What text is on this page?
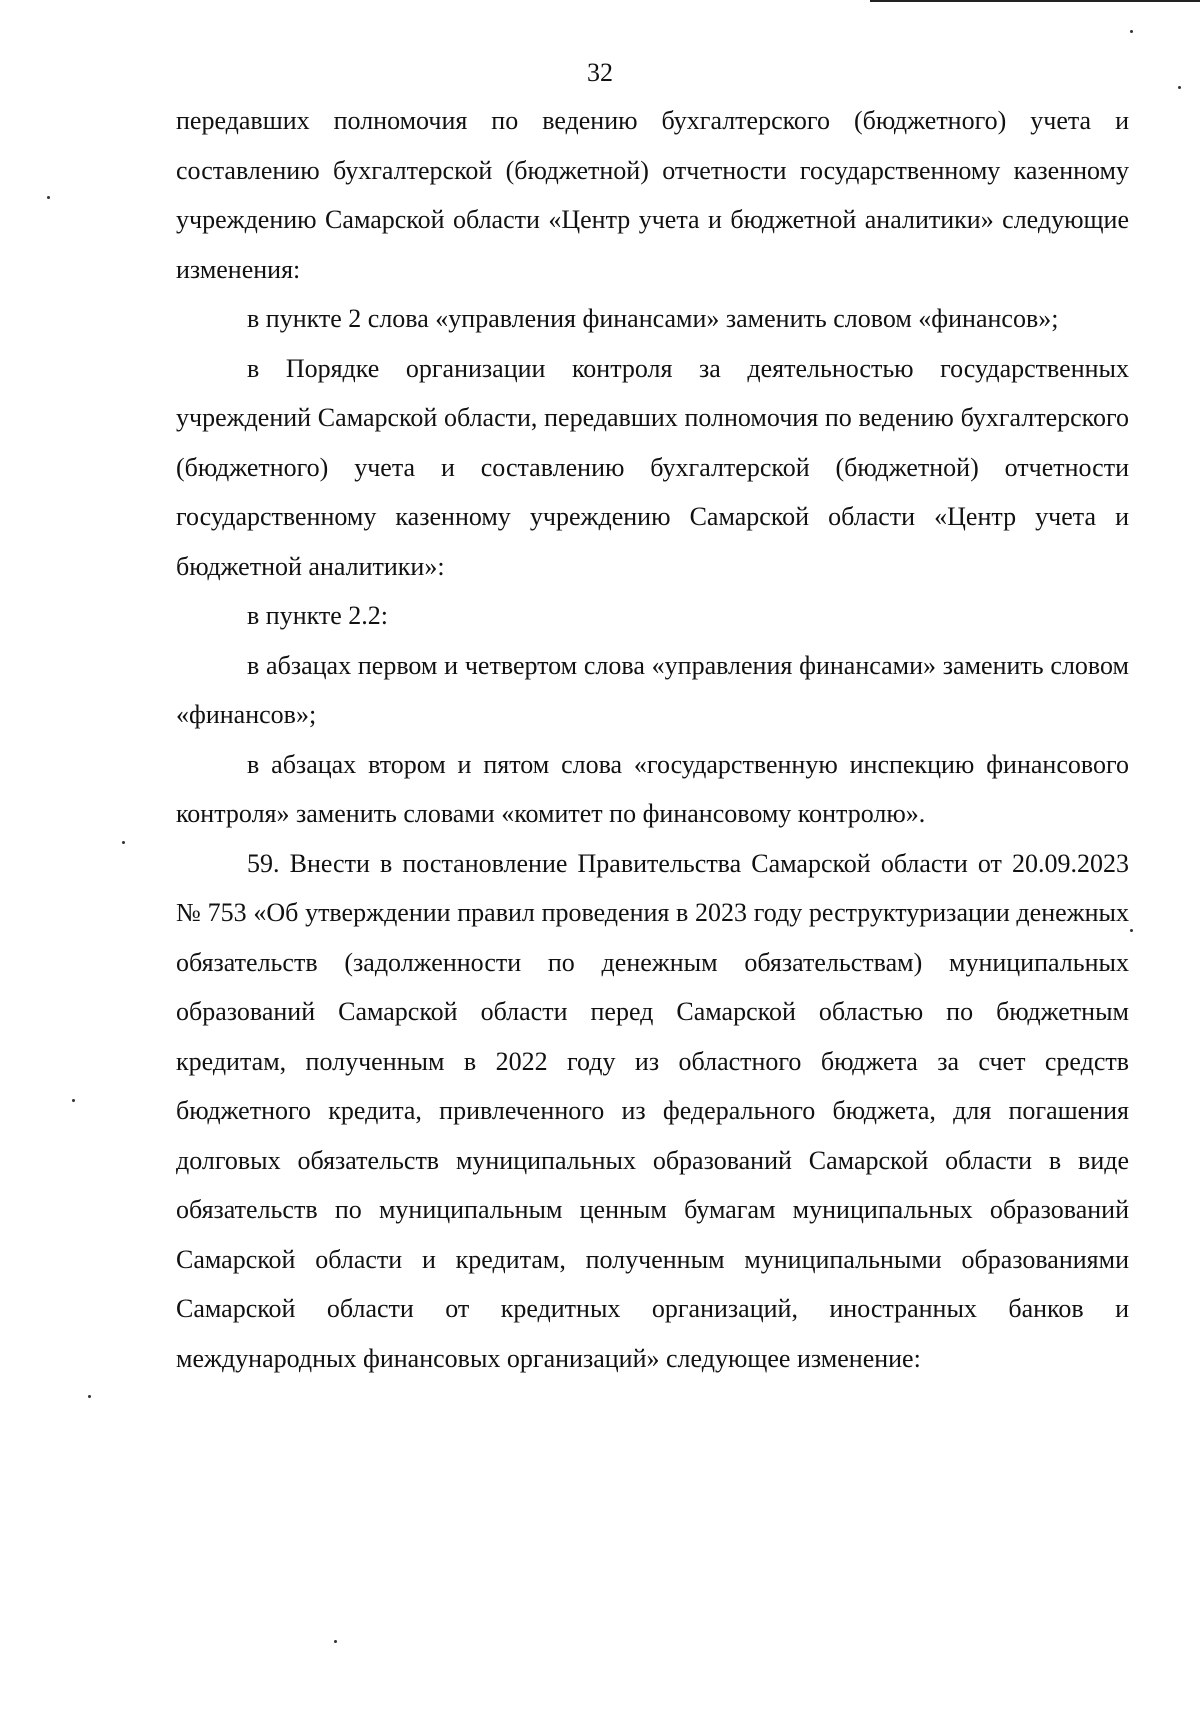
32

передавших полномочия по ведению бухгалтерского (бюджетного) учета и составлению бухгалтерской (бюджетной) отчетности государственному казенному учреждению Самарской области «Центр учета и бюджетной аналитики» следующие изменения:

в пункте 2 слова «управления финансами» заменить словом «финансов»;

в Порядке организации контроля за деятельностью государственных учреждений Самарской области, передавших полномочия по ведению бухгалтерского (бюджетного) учета и составлению бухгалтерской (бюджетной) отчетности государственному казенному учреждению Самарской области «Центр учета и бюджетной аналитики»:

в пункте 2.2:

в абзацах первом и четвертом слова «управления финансами» заменить словом «финансов»;

в абзацах втором и пятом слова «государственную инспекцию финансового контроля» заменить словами «комитет по финансовому контролю».

59. Внести в постановление Правительства Самарской области от 20.09.2023 № 753 «Об утверждении правил проведения в 2023 году реструктуризации денежных обязательств (задолженности по денежным обязательствам) муниципальных образований Самарской области перед Самарской областью по бюджетным кредитам, полученным в 2022 году из областного бюджета за счет средств бюджетного кредита, привлеченного из федерального бюджета, для погашения долговых обязательств муниципальных образований Самарской области в виде обязательств по муниципальным ценным бумагам муниципальных образований Самарской области и кредитам, полученным муниципальными образованиями Самарской области от кредитных организаций, иностранных банков и международных финансовых организаций» следующее изменение:
